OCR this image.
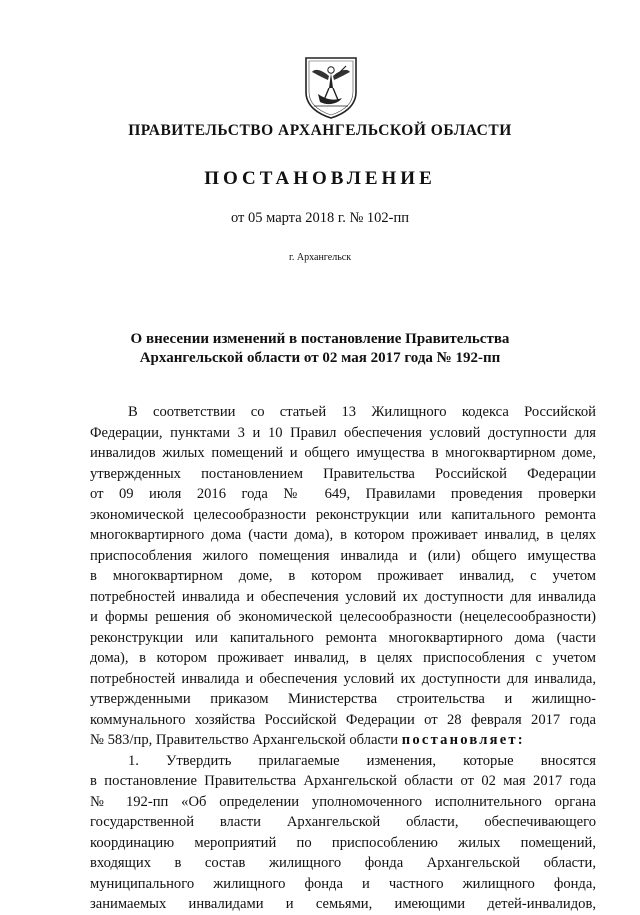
ПРАВИТЕЛЬСТВО АРХАНГЕЛЬСКОЙ ОБЛАСТИ
ПОСТАНОВЛЕНИЕ
от 05 марта 2018 г. № 102-пп
г. Архангельск
О внесении изменений в постановление Правительства
Архангельской области от 02 мая 2017 года № 192-пп
В соответствии со статьей 13 Жилищного кодекса Российской
Федерации, пунктами 3 и 10 Правил обеспечения условий доступности для
инвалидов жилых помещений и общего имущества в многоквартирном доме,
утвержденных постановлением Правительства Российской Федерации
от 09 июля 2016 года № 649, Правилами проведения проверки
экономической целесообразности реконструкции или капитального ремонта
многоквартирного дома (части дома), в котором проживает инвалид, в целях
приспособления жилого помещения инвалида и (или) общего имущества
в многоквартирном доме, в котором проживает инвалид, с учетом
потребностей инвалида и обеспечения условий их доступности для инвалида
и формы решения об экономической целесообразности (нецелесообразности)
реконструкции или капитального ремонта многоквартирного дома (части
дома), в котором проживает инвалид, в целях приспособления с учетом
потребностей инвалида и обеспечения условий их доступности для инвалида,
утвержденными приказом Министерства строительства и жилищно-
коммунального хозяйства Российской Федерации от 28 февраля 2017 года
№ 583/пр, Правительство Архангельской области постановляет:
1. Утвердить прилагаемые изменения, которые вносятся
в постановление Правительства Архангельской области от 02 мая 2017 года
№ 192-пп «Об определении уполномоченного исполнительного органа
государственной власти Архангельской области, обеспечивающего
координацию мероприятий по приспособлению жилых помещений,
входящих в состав жилищного фонда Архангельской области,
муниципального жилищного фонда и частного жилищного фонда,
занимаемых инвалидами и семьями, имеющими детей-инвалидов,
